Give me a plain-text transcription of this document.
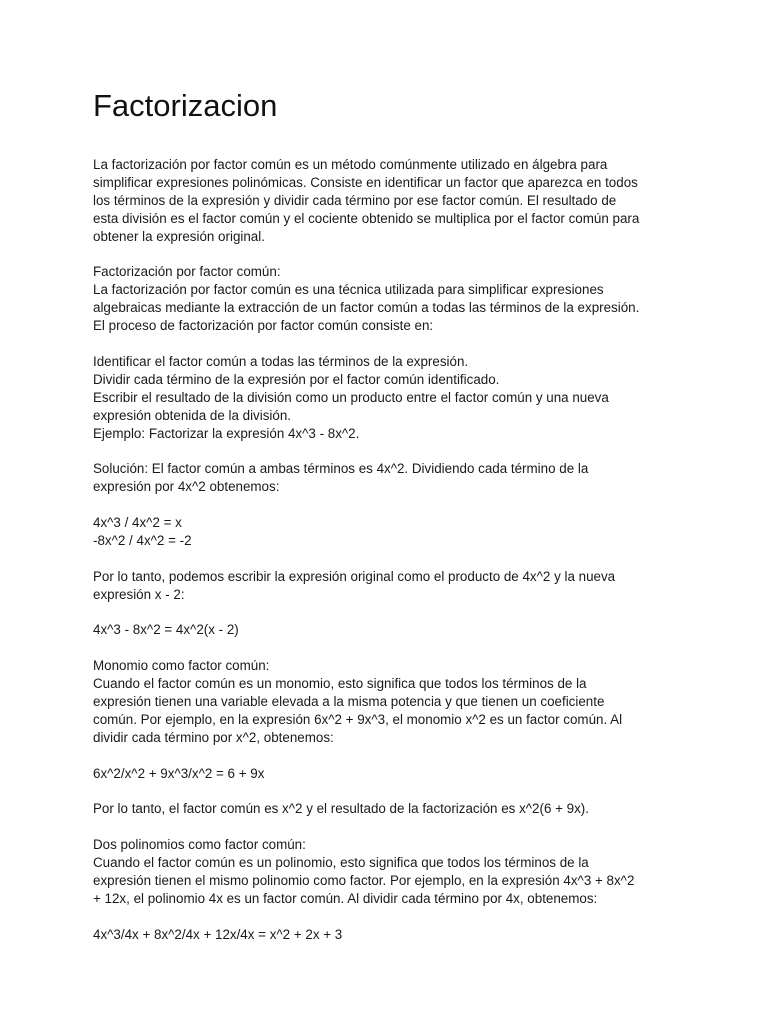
Factorizacion
La factorización por factor común es un método comúnmente utilizado en álgebra para
simplificar expresiones polinómicas. Consiste en identificar un factor que aparezca en todos
los términos de la expresión y dividir cada término por ese factor común. El resultado de
esta división es el factor común y el cociente obtenido se multiplica por el factor común para
obtener la expresión original.
Factorización por factor común:
La factorización por factor común es una técnica utilizada para simplificar expresiones
algebraicas mediante la extracción de un factor común a todas las términos de la expresión.
El proceso de factorización por factor común consiste en:
Identificar el factor común a todas las términos de la expresión.
Dividir cada término de la expresión por el factor común identificado.
Escribir el resultado de la división como un producto entre el factor común y una nueva
expresión obtenida de la división.
Ejemplo: Factorizar la expresión 4x^3 - 8x^2.
Solución: El factor común a ambas términos es 4x^2. Dividiendo cada término de la
expresión por 4x^2 obtenemos:
4x^3 / 4x^2 = x
-8x^2 / 4x^2 = -2
Por lo tanto, podemos escribir la expresión original como el producto de 4x^2 y la nueva
expresión x - 2:
4x^3 - 8x^2 = 4x^2(x - 2)
Monomio como factor común:
Cuando el factor común es un monomio, esto significa que todos los términos de la
expresión tienen una variable elevada a la misma potencia y que tienen un coeficiente
común. Por ejemplo, en la expresión 6x^2 + 9x^3, el monomio x^2 es un factor común. Al
dividir cada término por x^2, obtenemos:
6x^2/x^2 + 9x^3/x^2 = 6 + 9x
Por lo tanto, el factor común es x^2 y el resultado de la factorización es x^2(6 + 9x).
Dos polinomios como factor común:
Cuando el factor común es un polinomio, esto significa que todos los términos de la
expresión tienen el mismo polinomio como factor. Por ejemplo, en la expresión 4x^3 + 8x^2
+ 12x, el polinomio 4x es un factor común. Al dividir cada término por 4x, obtenemos:
4x^3/4x + 8x^2/4x + 12x/4x = x^2 + 2x + 3
